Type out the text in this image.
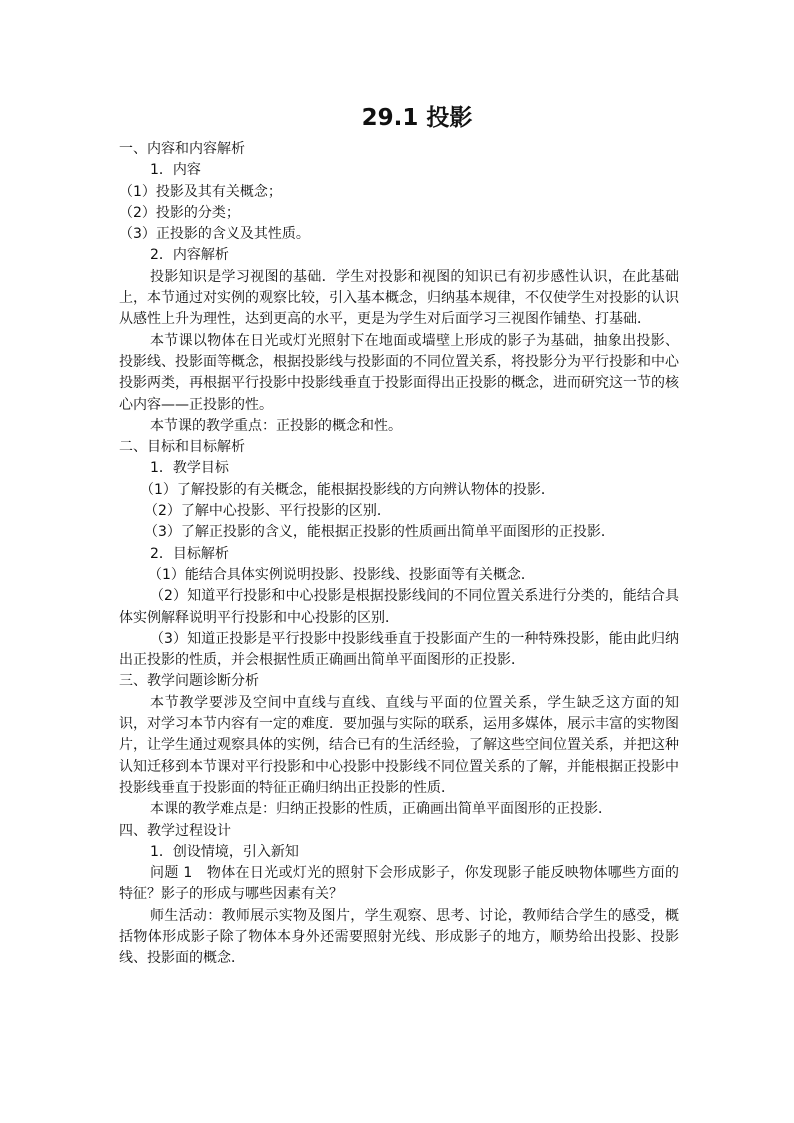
29.1 投影
一、内容和内容解析
1．内容
（1）投影及其有关概念；
（2）投影的分类；
（3）正投影的含义及其性质。
2．内容解析

投影知识是学习视图的基础．学生对投影和视图的知识已有初步感性认识，在此基础上，本节通过对实例的观察比较，引入基本概念，归纳基本规律，不仅使学生对投影的认识从感性上升为理性，达到更高的水平，更是为学生对后面学习三视图作铺垫、打基础．

本节课以物体在日光或灯光照射下在地面或墙壁上形成的影子为基础，抽象出投影、投影线、投影面等概念，根据投影线与投影面的不同位置关系，将投影分为平行投影和中心投影两类，再根据平行投影中投影线垂直于投影面得出正投影的概念，进而研究这一节的核心内容——正投影的性。

本节课的教学重点：正投影的概念和性。

二、目标和目标解析
1．教学目标
（1）了解投影的有关概念，能根据投影线的方向辨认物体的投影．
（2）了解中心投影、平行投影的区别．
（3）了解正投影的含义，能根据正投影的性质画出简单平面图形的正投影．
2．目标解析
（1）能结合具体实例说明投影、投影线、投影面等有关概念．

（2）知道平行投影和中心投影是根据投影线间的不同位置关系进行分类的，能结合具体实例解释说明平行投影和中心投影的区别．

（3）知道正投影是平行投影中投影线垂直于投影面产生的一种特殊投影，能由此归纳出正投影的性质，并会根据性质正确画出简单平面图形的正投影．

三、教学问题诊断分析

本节教学要涉及空间中直线与直线、直线与平面的位置关系，学生缺乏这方面的知识，对学习本节内容有一定的难度．要加强与实际的联系，运用多媒体，展示丰富的实物图片，让学生通过观察具体的实例，结合已有的生活经验，了解这些空间位置关系，并把这种认知迁移到本节课对平行投影和中心投影中投影线不同位置关系的了解，并能根据正投影中投影线垂直于投影面的特征正确归纳出正投影的性质．

本课的教学难点是：归纳正投影的性质，正确画出简单平面图形的正投影．

四、教学过程设计
1．创设情境，引入新知

问题 1　物体在日光或灯光的照射下会形成影子，你发现影子能反映物体哪些方面的特征？影子的形成与哪些因素有关？

师生活动：教师展示实物及图片，学生观察、思考、讨论，教师结合学生的感受，概括物体形成影子除了物体本身外还需要照射光线、形成影子的地方，顺势给出投影、投影线、投影面的概念．
